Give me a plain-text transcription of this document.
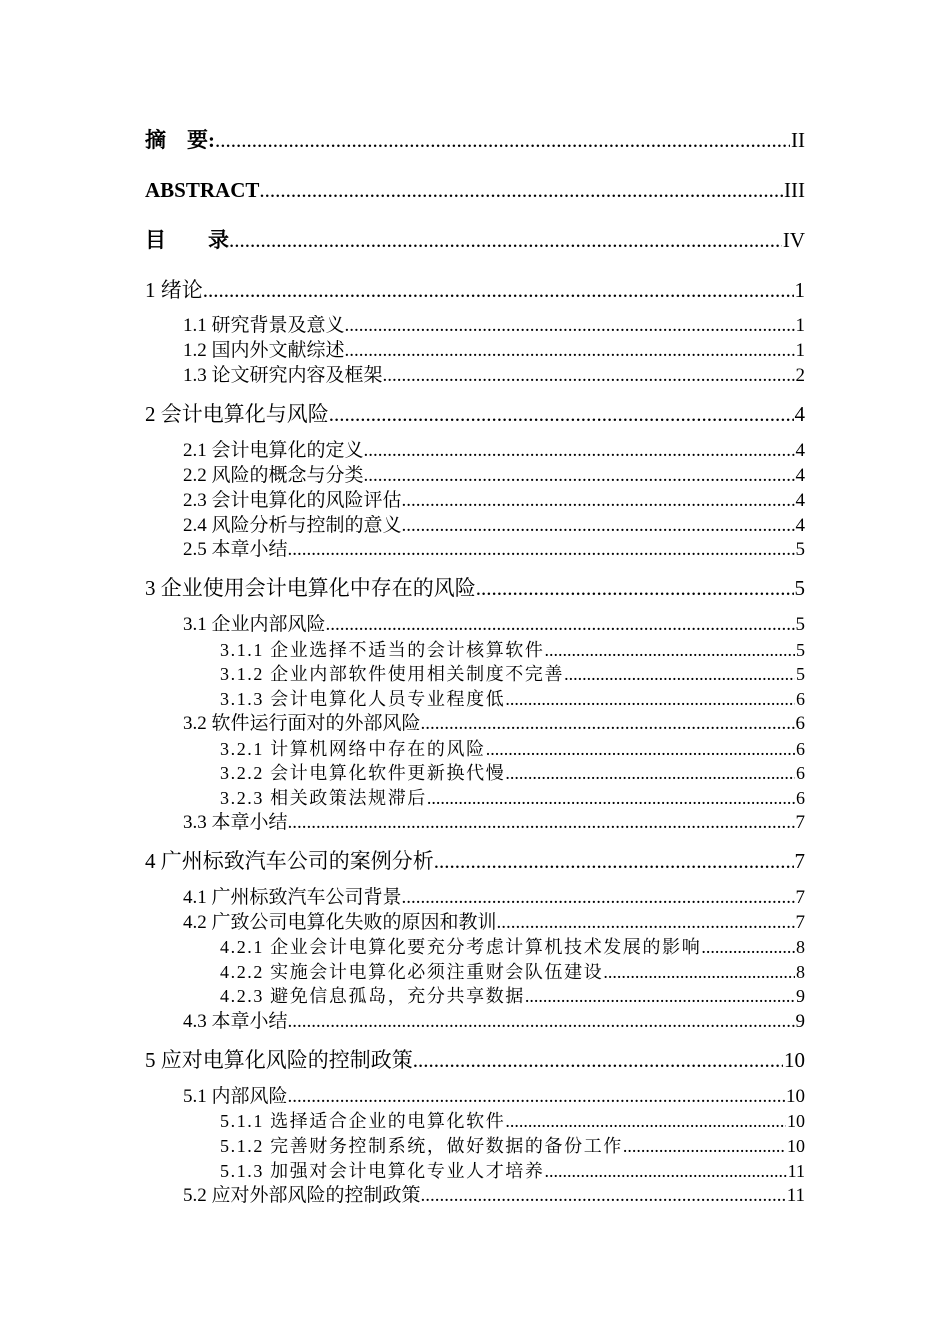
摘　要: .....	II
ABSTRACT .....	III
目　　录 .....	IV
1 绪论 .....	1
1.1 研究背景及意义 .....	1
1.2 国内外文献综述 .....	1
1.3 论文研究内容及框架 .....	2
2 会计电算化与风险 .....	4
2.1 会计电算化的定义 .....	4
2.2 风险的概念与分类 .....	4
2.3 会计电算化的风险评估 .....	4
2.4 风险分析与控制的意义 .....	4
2.5 本章小结 .....	5
3 企业使用会计电算化中存在的风险 .....	5
3.1 企业内部风险 .....	5
3.1.1 企业选择不适当的会计核算软件 .....	5
3.1.2 企业内部软件使用相关制度不完善 .....	5
3.1.3 会计电算化人员专业程度低 .....	6
3.2 软件运行面对的外部风险 .....	6
3.2.1 计算机网络中存在的风险 .....	6
3.2.2 会计电算化软件更新换代慢 .....	6
3.2.3 相关政策法规滞后 .....	6
3.3 本章小结 .....	7
4 广州标致汽车公司的案例分析 .....	7
4.1 广州标致汽车公司背景 .....	7
4.2 广致公司电算化失败的原因和教训 .....	7
4.2.1 企业会计电算化要充分考虑计算机技术发展的影响 .....	8
4.2.2 实施会计电算化必须注重财会队伍建设 .....	8
4.2.3 避免信息孤岛，充分共享数据 .....	9
4.3 本章小结 .....	9
5 应对电算化风险的控制政策 .....	10
5.1 内部风险 .....	10
5.1.1 选择适合企业的电算化软件 .....	10
5.1.2 完善财务控制系统，做好数据的备份工作 .....	10
5.1.3 加强对会计电算化专业人才培养 .....	11
5.2 应对外部风险的控制政策 .....	11
